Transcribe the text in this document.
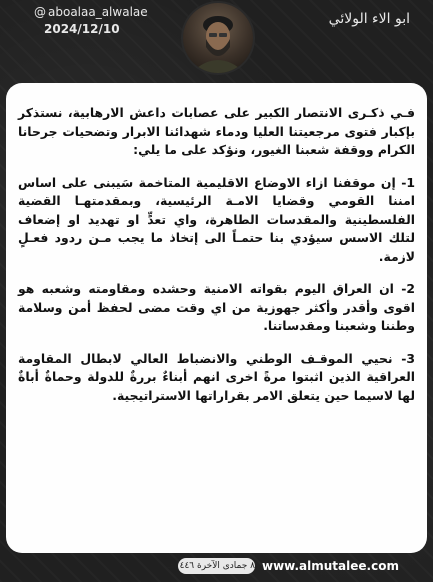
@ aboalaa_alwalae
2024/12/10
ابو الاء الولائي

فـي ذكـرى الانتصار الكبير على عصابات داعش الارهابية، نستذكر بإكبار فتوى مرجعيتنا العليا ودماء شهدائنا الابرار وتضحيات جرحانا الكرام ووقفة شعبنا الغيور، ونؤكد على ما يلي:

1- إن موقفنا ازاء الاوضاع الاقليمية المتاخمة سَيبنى على اساس امننا القومي وقضايا الامـة الرئيسية، وبمقدمتهـا القضية الفلسطينية والمقدسات الطاهرة، واي تعدٍّ او تهديد او إضعاف لتلك الاسس سيؤدي بنا حتمـاً الى إتخاذ ما يجب مـن ردود فعـلٍ لازمة.

2- ان العراق اليوم بقواته الامنية وحشده ومقاومته وشعبه هو اقوى وأقدر وأكثر جهوزية من اي وقت مضى لحفظ أمن وسلامة وطننا وشعبنا ومقدساتنا.

3- نحيي الموقـف الوطني والانضباط العالي لابطال المقاومة العراقية الذين اثبتوا مرةً اخرى انهم أبناءٌ بررةٌ للدولة وحماةٌ أباةٌ لها لاسيما حين يتعلق الامر بقراراتها الاستراتيجية.

٨ جمادى الآخرة ١٤٤٦هـ www.almutalee.com
